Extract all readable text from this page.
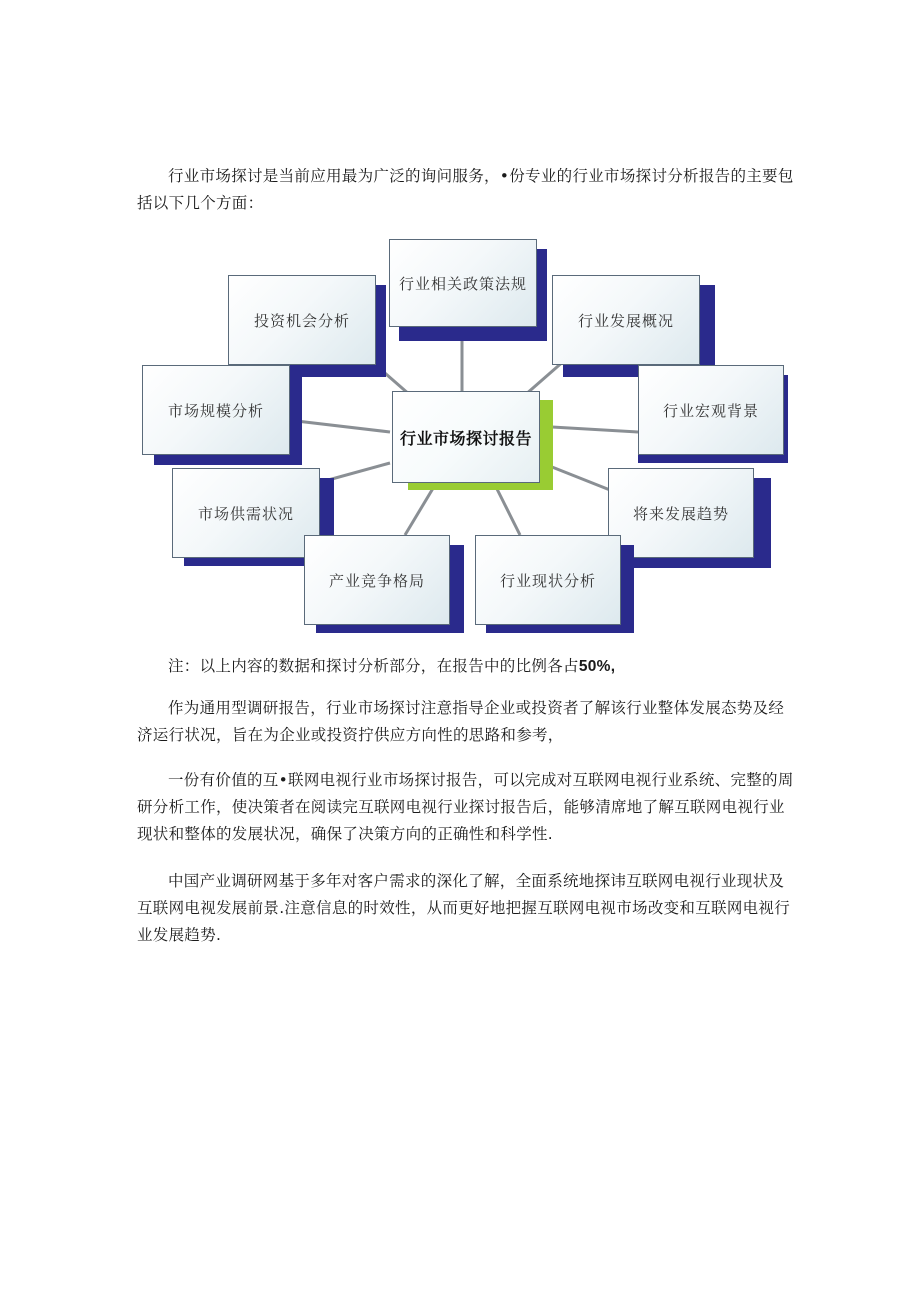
行业市场探讨是当前应用最为广泛的询问服务，•份专业的行业市场探讨分析报告的主要包括以下几个方面：

行业相关政策法规
投资机会分析	行业发展概况
市场规模分析
行业市场探讨报告
行业宏观背景
市场供需状况	将来发展趋势
产业竞争格局	行业现状分析

注：以上内容的数据和探讨分析部分，在报告中的比例各占50%,

作为通用型调研报告，行业市场探讨注意指导企业或投资者了解该行业整体发展态势及经济运行状况，旨在为企业或投资拧供应方向性的思路和参考，

一份有价值的互•联网电视行业市场探讨报告，可以完成对互联网电视行业系统、完整的周研分析工作，使决策者在阅读完互联网电视行业探讨报告后，能够清席地了解互联网电视行业现状和整体的发展状况，确保了决策方向的正确性和科学性.

中国产业调研网基于多年对客户需求的深化了解，全面系统地探讳互联网电视行业现状及互联网电视发展前景.注意信息的时效性，从而更好地把握互联网电视市场改变和互联网电视行业发展趋势.
